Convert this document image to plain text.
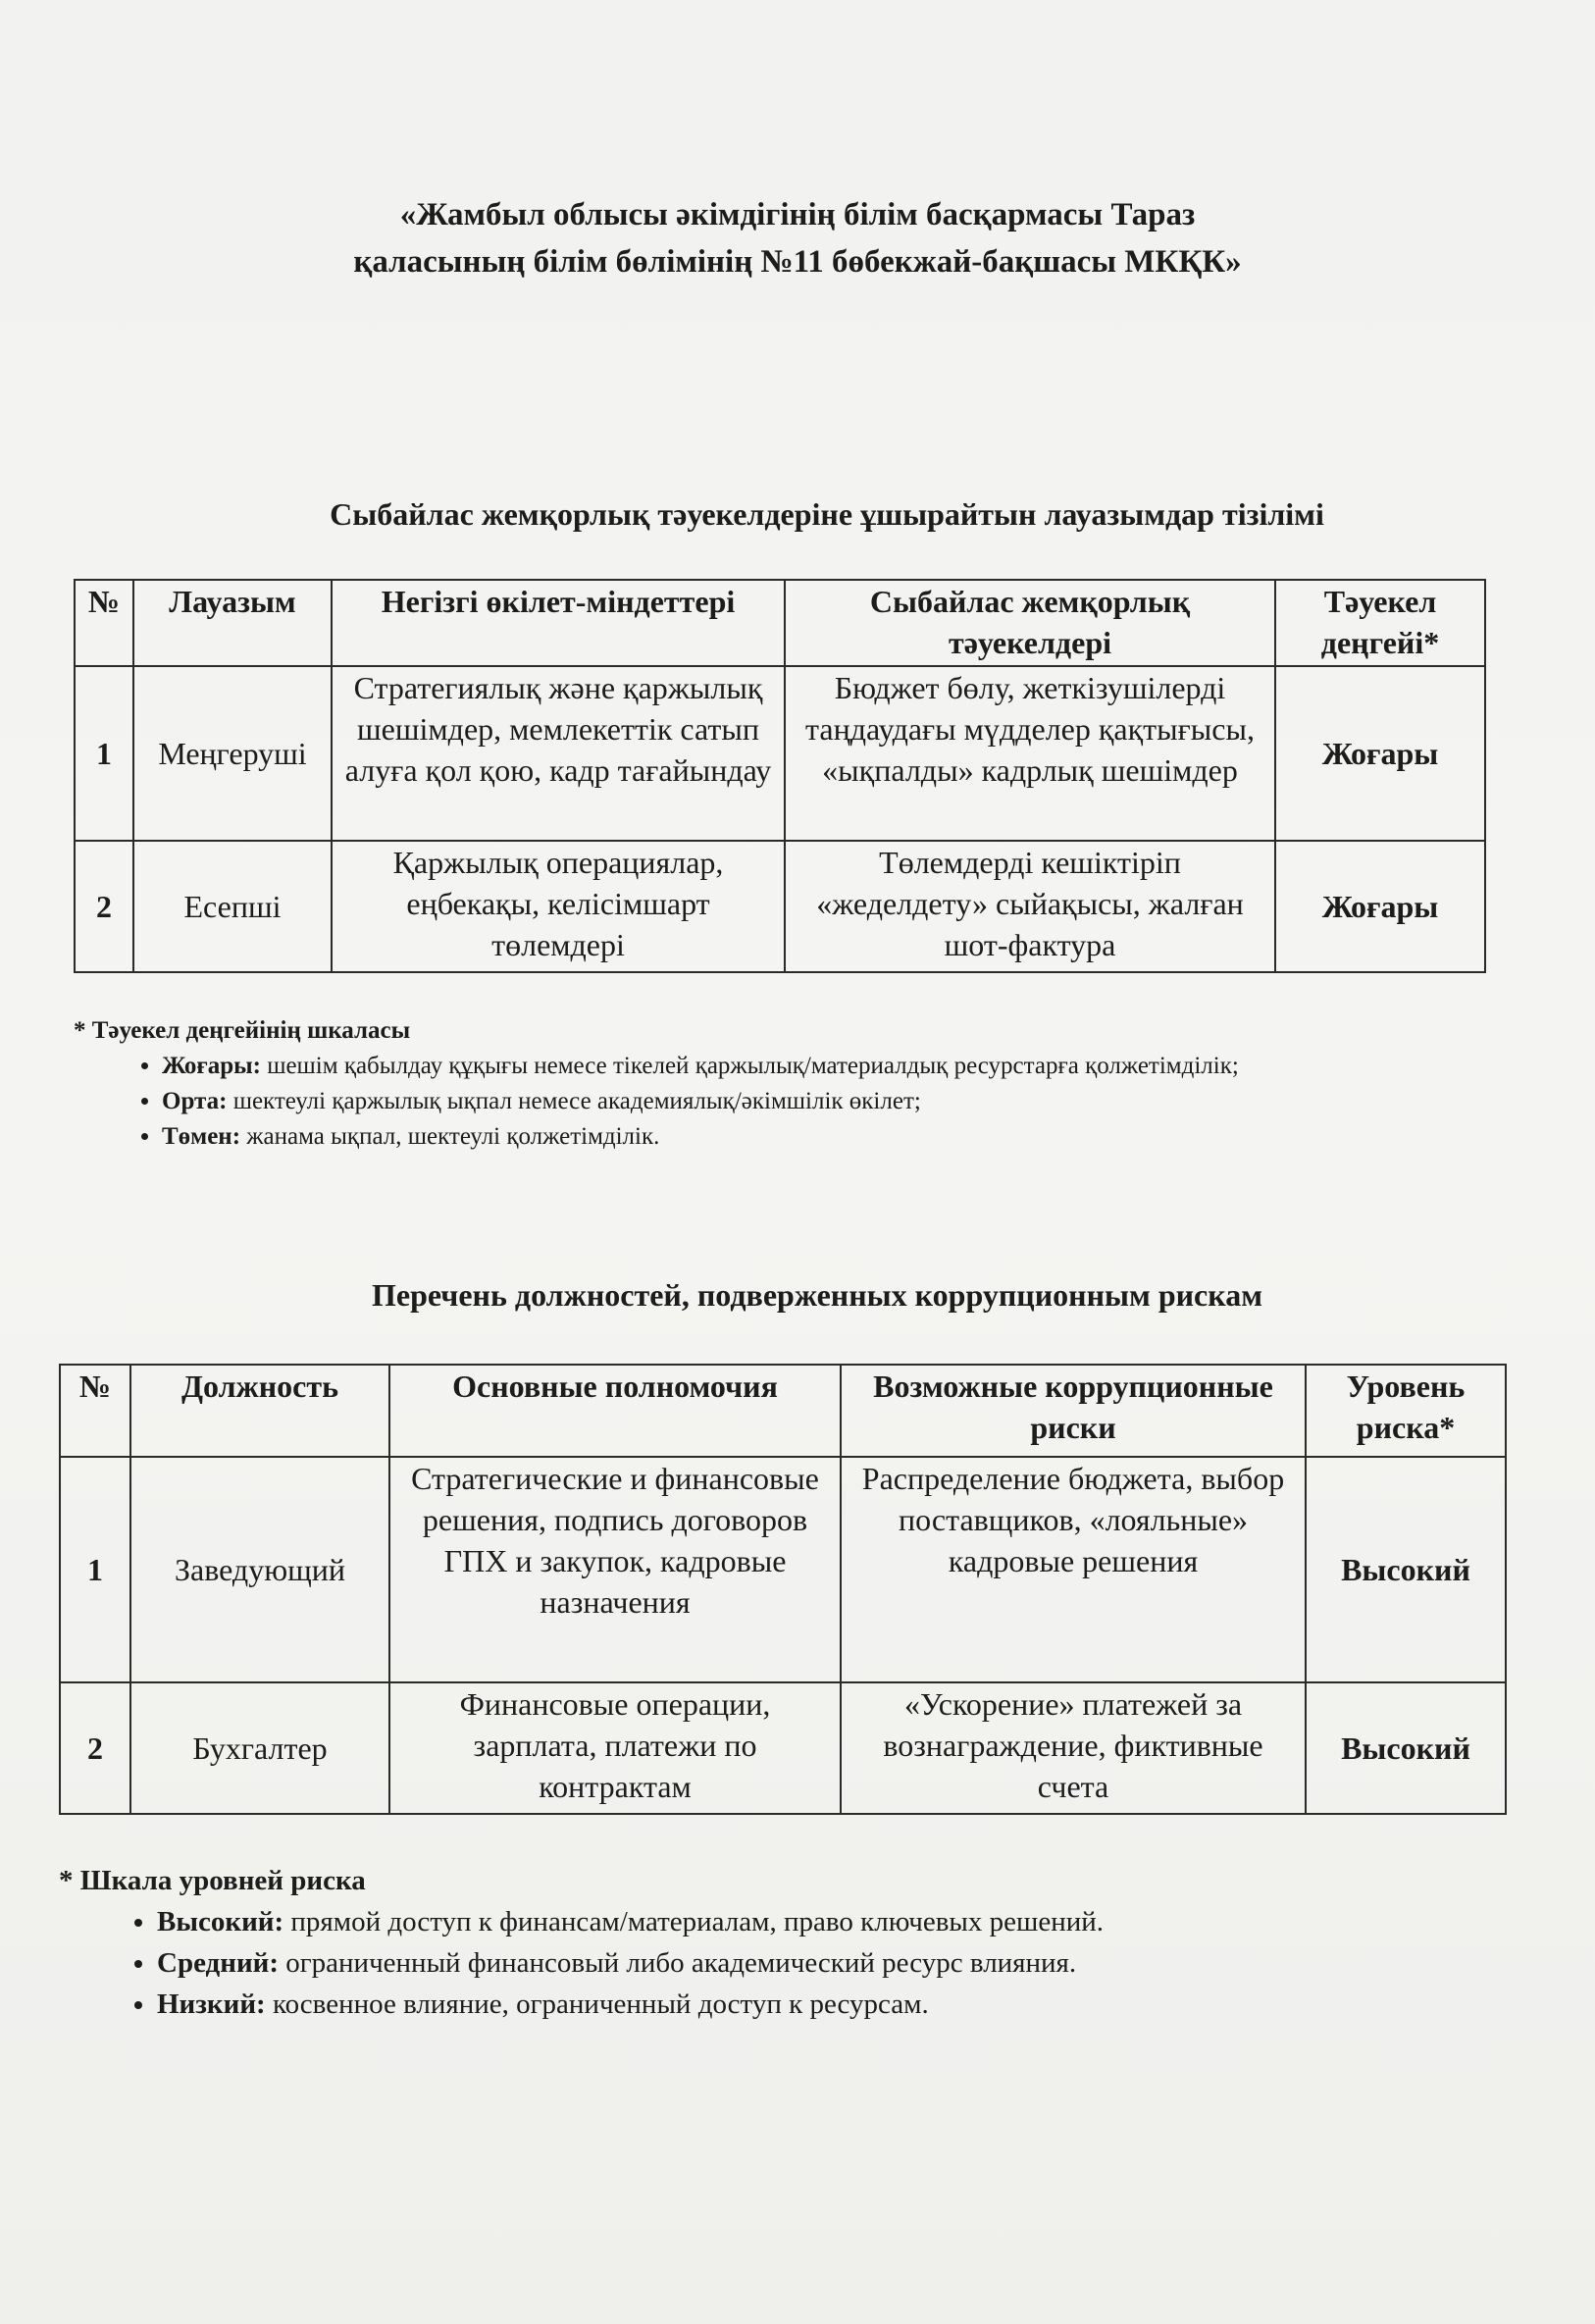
«Жамбыл облысы әкімдігінің білім басқармасы Тараз
қаласының білім бөлімінің №11 бөбекжай-бақшасы МКҚК»
Сыбайлас жемқорлық тәуекелдеріне ұшырайтын лауазымдар тізілімі
№	Лауазым	Негізгі өкілет-міндеттері	Сыбайлас жемқорлық тәуекелдері	Тәуекел деңгейі*
1	Меңгеруші	Стратегиялық және қаржылық шешімдер, мемлекеттік сатып алуға қол қою, кадр тағайындау	Бюджет бөлу, жеткізушілерді таңдаудағы мүдделер қақтығысы, «ықпалды» кадрлық шешімдер	Жоғары
2	Есепші	Қаржылық операциялар, еңбекақы, келісімшарт төлемдері	Төлемдерді кешіктіріп «жеделдету» сыйақысы, жалған шот-фактура	Жоғары
* Тәуекел деңгейінің шкаласы
• Жоғары: шешім қабылдау құқығы немесе тікелей қаржылық/материалдық ресурстарға қолжетімділік;
• Орта: шектеулі қаржылық ықпал немесе академиялық/әкімшілік өкілет;
• Төмен: жанама ықпал, шектеулі қолжетімділік.
Перечень должностей, подверженных коррупционным рискам
№	Должность	Основные полномочия	Возможные коррупционные риски	Уровень риска*
1	Заведующий	Стратегические и финансовые решения, подпись договоров ГПХ и закупок, кадровые назначения	Распределение бюджета, выбор поставщиков, «лояльные» кадровые решения	Высокий
2	Бухгалтер	Финансовые операции, зарплата, платежи по контрактам	«Ускорение» платежей за вознаграждение, фиктивные счета	Высокий
* Шкала уровней риска
• Высокий: прямой доступ к финансам/материалам, право ключевых решений.
• Средний: ограниченный финансовый либо академический ресурс влияния.
• Низкий: косвенное влияние, ограниченный доступ к ресурсам.
